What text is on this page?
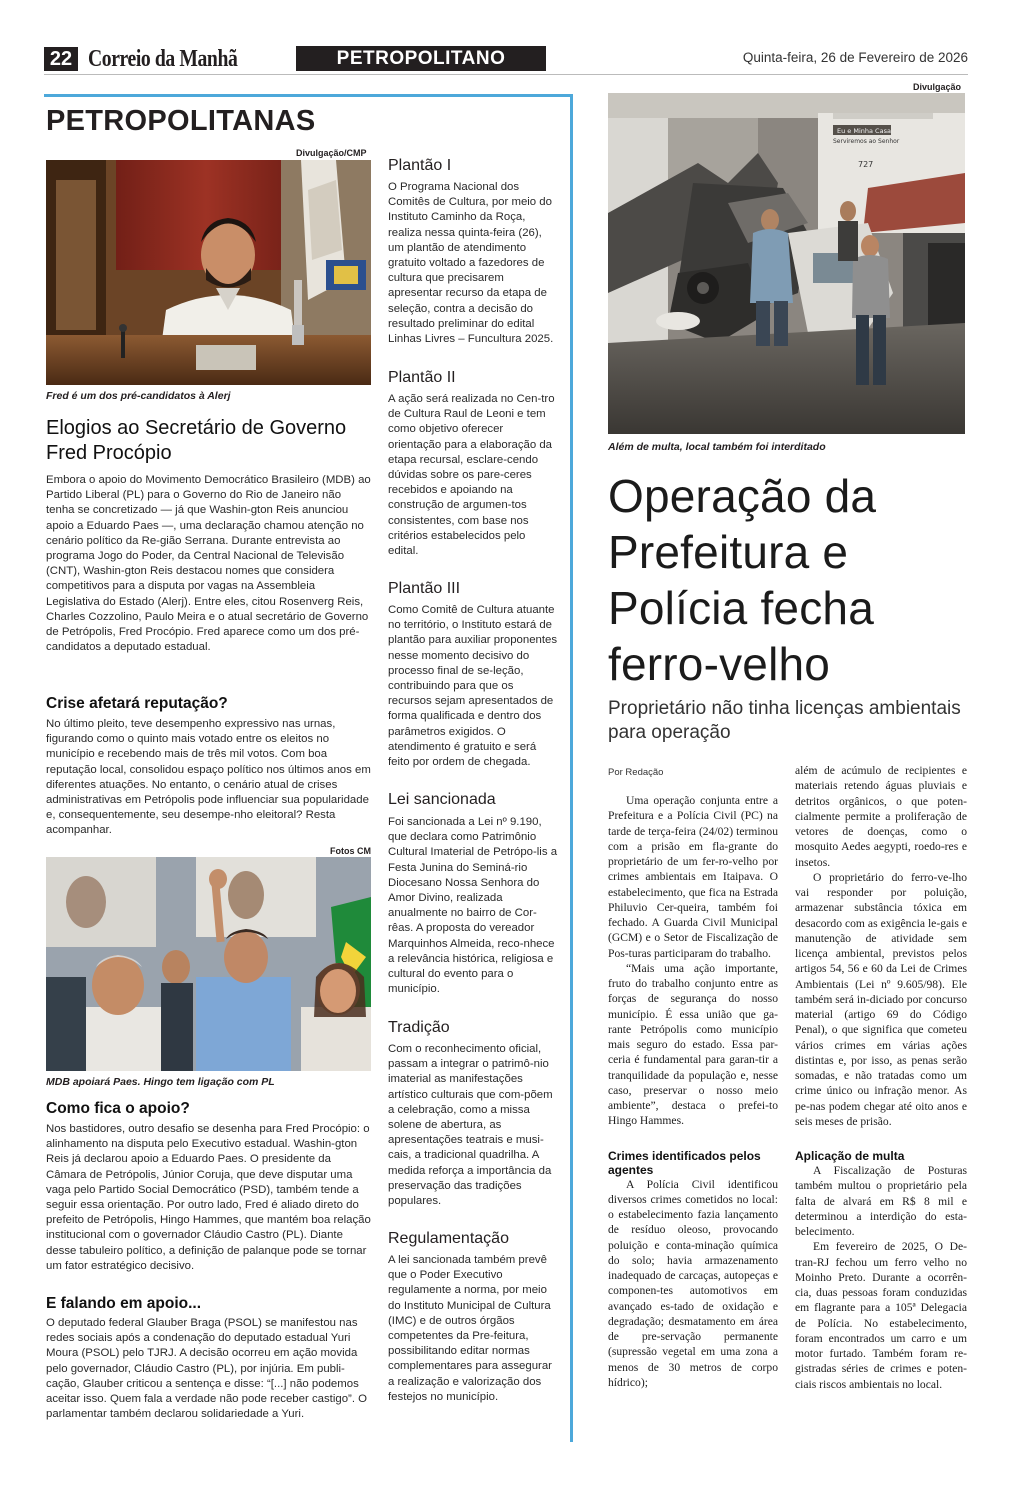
22 Correio da Manhã	PETROPOLITANO	Quinta-feira, 26 de Fevereiro de 2026
PETROPOLITANAS
Divulgação/CMP
Fred é um dos pré-candidatos à Alerj
Elogios ao Secretário de Governo Fred Procópio
Embora o apoio do Movimento Democrático Brasileiro (MDB) ao Partido Liberal (PL) para o Governo do Rio de Janeiro não tenha se concretizado — já que Washin-gton Reis anunciou apoio a Eduardo Paes —, uma declaração chamou atenção no cenário político da Re-gião Serrana. Durante entrevista ao programa Jogo do Poder, da Central Nacional de Televisão (CNT), Washin-gton Reis destacou nomes que considera competitivos para a disputa por vagas na Assembleia Legislativa do Estado (Alerj). Entre eles, citou Rosenverg Reis, Charles Cozzolino, Paulo Meira e o atual secretário de Governo de Petrópolis, Fred Procópio. Fred aparece como um dos pré-candidatos a deputado estadual.
Crise afetará reputação?
No último pleito, teve desempenho expressivo nas urnas, figurando como o quinto mais votado entre os eleitos no município e recebendo mais de três mil votos. Com boa reputação local, consolidou espaço político nos últimos anos em diferentes atuações. No entanto, o cenário atual de crises administrativas em Petrópolis pode influenciar sua popularidade e, consequentemente, seu desempe-nho eleitoral? Resta acompanhar.
Fotos CM
MDB apoiará Paes. Hingo tem ligação com PL
Como fica o apoio?
Nos bastidores, outro desafio se desenha para Fred Procópio: o alinhamento na disputa pelo Executivo estadual. Washin-gton Reis já declarou apoio a Eduardo Paes. O presidente da Câmara de Petrópolis, Júnior Coruja, que deve disputar uma vaga pelo Partido Social Democrático (PSD), também tende a seguir essa orientação. Por outro lado, Fred é aliado direto do prefeito de Petrópolis, Hingo Hammes, que mantém boa relação institucional com o governador Cláudio Castro (PL). Diante desse tabuleiro político, a definição de palanque pode se tornar um fator estratégico decisivo.
E falando em apoio...
O deputado federal Glauber Braga (PSOL) se manifestou nas redes sociais após a condenação do deputado estadual Yuri Moura (PSOL) pelo TJRJ. A decisão ocorreu em ação movida pelo governador, Cláudio Castro (PL), por injúria. Em publi-cação, Glauber criticou a sentença e disse: “[...] não podemos aceitar isso. Quem fala a verdade não pode receber castigo”. O parlamentar também declarou solidariedade a Yuri.
Plantão I
O Programa Nacional dos Comitês de Cultura, por meio do Instituto Caminho da Roça, realiza nessa quinta-feira (26), um plantão de atendimento gratuito voltado a fazedores de cultura que precisarem apresentar recurso da etapa de seleção, contra a decisão do resultado preliminar do edital Linhas Livres – Funcultura 2025.
Plantão II
A ação será realizada no Cen-tro de Cultura Raul de Leoni e tem como objetivo oferecer orientação para a elaboração da etapa recursal, esclare-cendo dúvidas sobre os pare-ceres recebidos e apoiando na construção de argumen-tos consistentes, com base nos critérios estabelecidos pelo edital.
Plantão III
Como Comitê de Cultura atuante no território, o Instituto estará de plantão para auxiliar proponentes nesse momento decisivo do processo final de se-leção, contribuindo para que os recursos sejam apresentados de forma qualificada e dentro dos parâmetros exigidos. O atendimento é gratuito e será feito por ordem de chegada.
Lei sancionada
Foi sancionada a Lei nº 9.190, que declara como Patrimônio Cultural Imaterial de Petrópo-lis a Festa Junina do Seminá-rio Diocesano Nossa Senhora do Amor Divino, realizada anualmente no bairro de Cor-rêas. A proposta do vereador Marquinhos Almeida, reco-nhece a relevância histórica, religiosa e cultural do evento para o município.
Tradição
Com o reconhecimento oficial, passam a integrar o patrimô-nio imaterial as manifestações artístico culturais que com-põem a celebração, como a missa solene de abertura, as apresentações teatrais e musi-cais, a tradicional quadrilha. A medida reforça a importância da preservação das tradições populares.
Regulamentação
A lei sancionada também prevê que o Poder Executivo regulamente a norma, por meio do Instituto Municipal de Cultura (IMC) e de outros órgãos competentes da Pre-feitura, possibilitando editar normas complementares para assegurar a realização e valorização dos festejos no município.
Divulgação
Eu e Minha Casa
Serviremos ao Senhor
727
Além de multa, local também foi interditado
Operação da Prefeitura e Polícia fecha ferro-velho
Proprietário não tinha licenças ambientais para operação
Por Redação

Uma operação conjunta entre a Prefeitura e a Polícia Civil (PC) na tarde de terça-feira (24/02) terminou com a prisão em fla-grante do proprietário de um fer-ro-velho por crimes ambientais em Itaipava. O estabelecimento, que fica na Estrada Philuvio Cer-queira, também foi fechado. A Guarda Civil Municipal (GCM) e o Setor de Fiscalização de Pos-turas participaram do trabalho.

“Mais uma ação importante, fruto do trabalho conjunto entre as forças de segurança do nosso município. É essa união que ga-rante Petrópolis como município mais seguro do estado. Essa par-ceria é fundamental para garan-tir a tranquilidade da população e, nesse caso, preservar o nosso meio ambiente”, destaca o prefei-to Hingo Hammes.

Crimes identificados pelos agentes

A Polícia Civil identificou diversos crimes cometidos no local: o estabelecimento fazia lançamento de resíduo oleoso, provocando poluição e conta-minação química do solo; havia armazenamento inadequado de carcaças, autopeças e componen-tes automotivos em avançado es-tado de oxidação e degradação; desmatamento em área de pre-servação permanente (supressão vegetal em uma zona a menos de 30 metros de corpo hídrico);

além de acúmulo de recipientes e materiais retendo águas pluviais e detritos orgânicos, o que poten-cialmente permite a proliferação de vetores de doenças, como o mosquito Aedes aegypti, roedo-res e insetos.

O proprietário do ferro-ve-lho vai responder por poluição, armazenar substância tóxica em desacordo com as exigência le-gais e manutenção de atividade sem licença ambiental, previstos pelos artigos 54, 56 e 60 da Lei de Crimes Ambientais (Lei nº 9.605/98). Ele também será in-diciado por concurso material (artigo 69 do Código Penal), o que significa que cometeu vários crimes em várias ações distintas e, por isso, as penas serão somadas, e não tratadas como um crime único ou infração menor. As pe-nas podem chegar até oito anos e seis meses de prisão.

Aplicação de multa

A Fiscalização de Posturas também multou o proprietário pela falta de alvará em R$ 8 mil e determinou a interdição do esta-belecimento.

Em fevereiro de 2025, O De-tran-RJ fechou um ferro velho no Moinho Preto. Durante a ocorrên-cia, duas pessoas foram conduzidas em flagrante para a 105ª Delegacia de Polícia. No estabelecimento, foram encontrados um carro e um motor furtado. Também foram re-gistradas séries de crimes e poten-ciais riscos ambientais no local.
